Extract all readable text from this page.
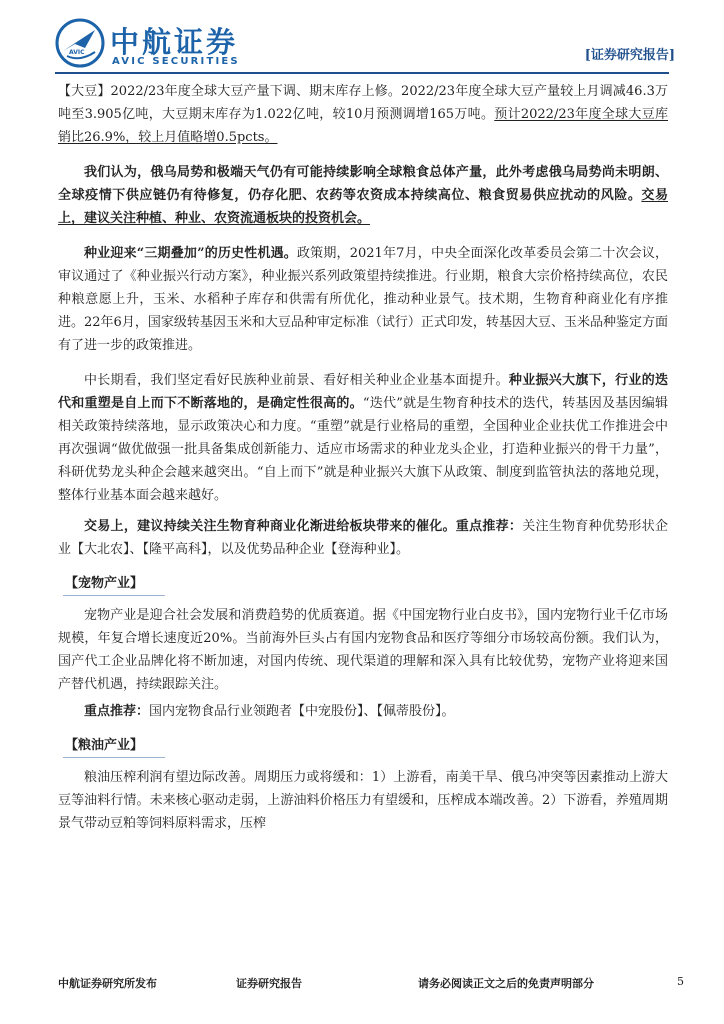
AVIC 中航证券
AVIC SECURITIES	[证券研究报告]

【大豆】2022/23年度全球大豆产量下调、期末库存上修。2022/23年度全球大豆产量较上月调减46.3万吨至3.905亿吨，大豆期末库存为1.022亿吨，较10月预测调增165万吨。预计2022/23年度全球大豆库销比26.9%，较上月值略增0.5pcts。

我们认为，俄乌局势和极端天气仍有可能持续影响全球粮食总体产量，此外考虑俄乌局势尚未明朗、全球疫情下供应链仍有待修复，仍存化肥、农药等农资成本持续高位、粮食贸易供应扰动的风险。交易上，建议关注种植、种业、农资流通板块的投资机会。

种业迎来“三期叠加”的历史性机遇。政策期，2021年7月，中央全面深化改革委员会第二十次会议，审议通过了《种业振兴行动方案》，种业振兴系列政策望持续推进。行业期，粮食大宗价格持续高位，农民种粮意愿上升，玉米、水稻种子库存和供需有所优化，推动种业景气。技术期，生物育种商业化有序推进。22年6月，国家级转基因玉米和大豆品种审定标准（试行）正式印发，转基因大豆、玉米品种鉴定方面有了进一步的政策推进。

中长期看，我们坚定看好民族种业前景、看好相关种业企业基本面提升。种业振兴大旗下，行业的迭代和重塑是自上而下不断落地的，是确定性很高的。“迭代”就是生物育种技术的迭代，转基因及基因编辑相关政策持续落地，显示政策决心和力度。“重塑”就是行业格局的重塑，全国种业企业扶优工作推进会中再次强调“做优做强一批具备集成创新能力、适应市场需求的种业龙头企业，打造种业振兴的骨干力量”，科研优势龙头种企会越来越突出。“自上而下”就是种业振兴大旗下从政策、制度到监管执法的落地兑现，整体行业基本面会越来越好。

交易上，建议持续关注生物育种商业化渐进给板块带来的催化。重点推荐：关注生物育种优势形状企业【大北农】、【隆平高科】，以及优势品种企业【登海种业】。

【宠物产业】

宠物产业是迎合社会发展和消费趋势的优质赛道。据《中国宠物行业白皮书》，国内宠物行业千亿市场规模，年复合增长速度近20%。当前海外巨头占有国内宠物食品和医疗等细分市场较高份额。我们认为，国产代工企业品牌化将不断加速，对国内传统、现代渠道的理解和深入具有比较优势，宠物产业将迎来国产替代机遇，持续跟踪关注。

重点推荐：国内宠物食品行业领跑者【中宠股份】、【佩蒂股份】。

【粮油产业】

粮油压榨利润有望边际改善。周期压力或将缓和：1）上游看，南美干旱、俄乌冲突等因素推动上游大豆等油料行情。未来核心驱动走弱，上游油料价格压力有望缓和，压榨成本端改善。2）下游看，养殖周期景气带动豆粕等饲料原料需求，压榨

中航证券研究所发布	证券研究报告	请务必阅读正文之后的免责声明部分	5
